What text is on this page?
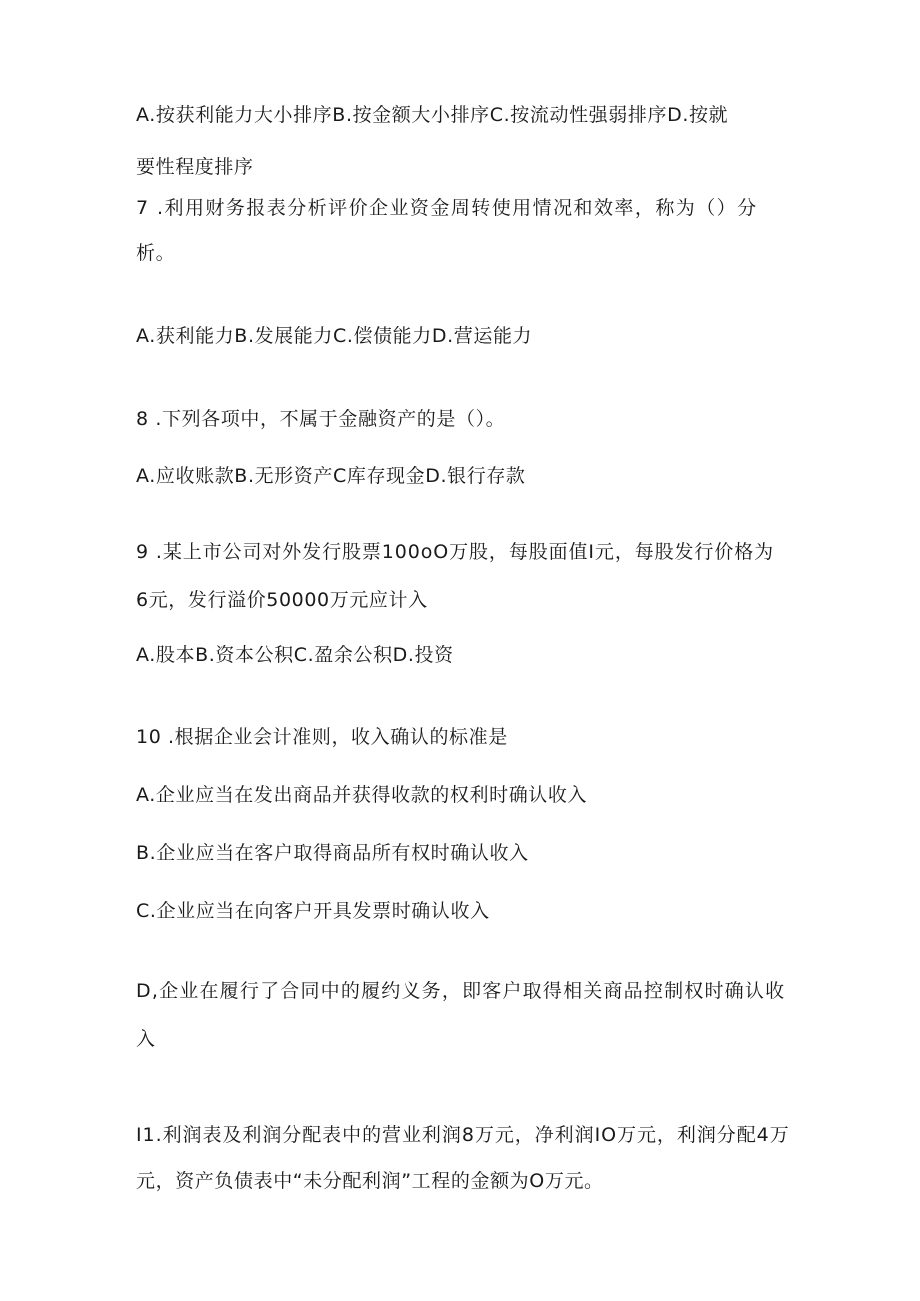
A.按获利能力大小排序B.按金额大小排序C.按流动性强弱排序D.按就
要性程度排序
7 .利用财务报表分析评价企业资金周转使用情况和效率，称为（）分
析。
A.获利能力B.发展能力C.偿债能力D.营运能力
8 .下列各项中，不属于金融资产的是（）。
A.应收账款B.无形资产C库存现金D.银行存款
9 .某上市公司对外发行股票100oO万股，每股面值I元，每股发行价格为
6元，发行溢价50000万元应计入
A.股本B.资本公积C.盈余公积D.投资
10 .根据企业会计准则，收入确认的标准是
A.企业应当在发出商品并获得收款的权利时确认收入
B.企业应当在客户取得商品所有权时确认收入
C.企业应当在向客户开具发票时确认收入
D,企业在履行了合同中的履约义务，即客户取得相关商品控制权时确认收
入
I1.利润表及利润分配表中的营业利润8万元，净利润IO万元，利润分配4万
元，资产负债表中“未分配利润”工程的金额为O万元。
